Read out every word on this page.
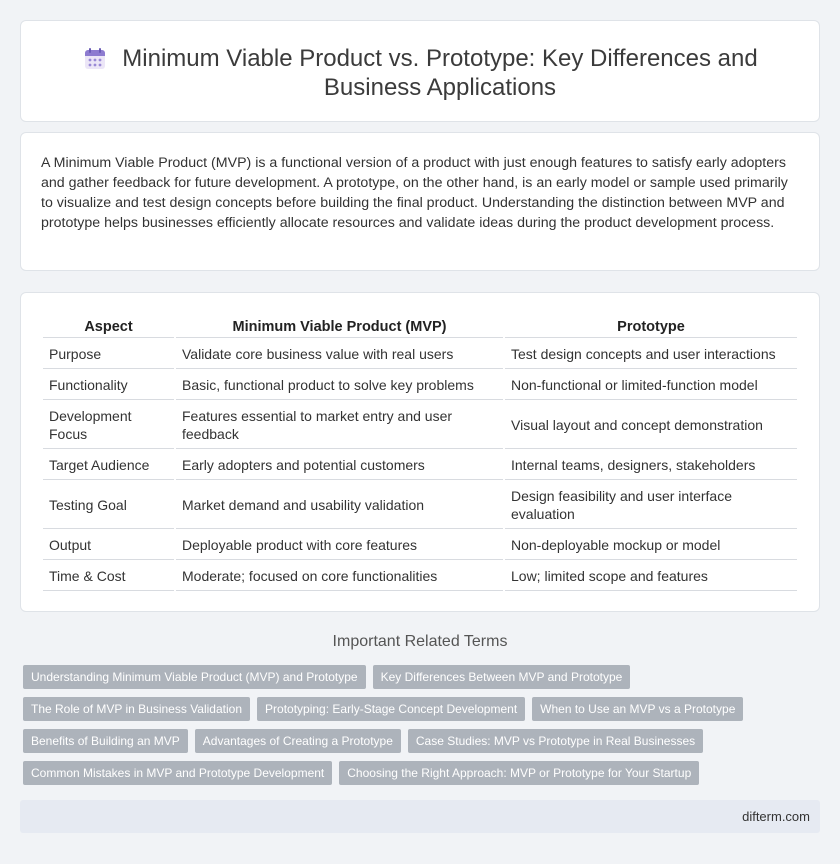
Minimum Viable Product vs. Prototype: Key Differences and Business Applications

A Minimum Viable Product (MVP) is a functional version of a product with just enough features to satisfy early adopters and gather feedback for future development. A prototype, on the other hand, is an early model or sample used primarily to visualize and test design concepts before building the final product. Understanding the distinction between MVP and prototype helps businesses efficiently allocate resources and validate ideas during the product development process.

Aspect	Minimum Viable Product (MVP)	Prototype
Purpose	Validate core business value with real users	Test design concepts and user interactions
Functionality	Basic, functional product to solve key problems	Non-functional or limited-function model
Development Focus	Features essential to market entry and user feedback	Visual layout and concept demonstration
Target Audience	Early adopters and potential customers	Internal teams, designers, stakeholders
Testing Goal	Market demand and usability validation	Design feasibility and user interface evaluation
Output	Deployable product with core features	Non-deployable mockup or model
Time & Cost	Moderate; focused on core functionalities	Low; limited scope and features
Important Related Terms
Understanding Minimum Viable Product (MVP) and Prototype	Key Differences Between MVP and Prototype
The Role of MVP in Business Validation	Prototyping: Early-Stage Concept Development	When to Use an MVP vs a Prototype
Benefits of Building an MVP	Advantages of Creating a Prototype	Case Studies: MVP vs Prototype in Real Businesses
Common Mistakes in MVP and Prototype Development	Choosing the Right Approach: MVP or Prototype for Your Startup
difterm.com
